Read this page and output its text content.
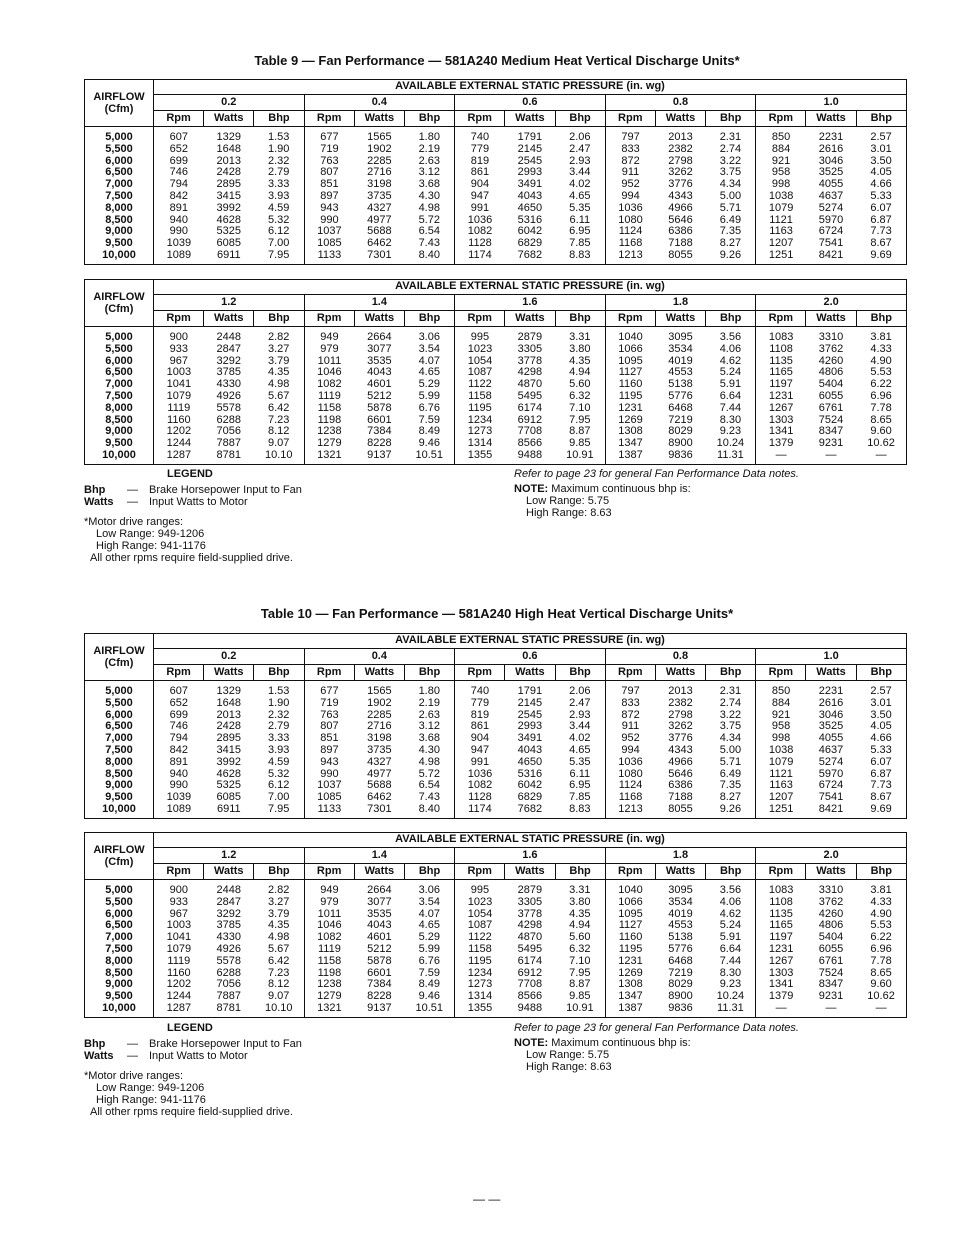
Table 9 — Fan Performance — 581A240 Medium Heat Vertical Discharge Units*
AIRFLOW
(Cfm)	AVAILABLE EXTERNAL STATIC PRESSURE (in. wg)														
	0.2			0.4			0.6			0.8			1.0		
	Rpm	Watts	Bhp	Rpm	Watts	Bhp	Rpm	Watts	Bhp	Rpm	Watts	Bhp	Rpm	Watts	Bhp
5,000	607	1329	1.53	677	1565	1.80	740	1791	2.06	797	2013	2.31	850	2231	2.57
5,500	652	1648	1.90	719	1902	2.19	779	2145	2.47	833	2382	2.74	884	2616	3.01
6,000	699	2013	2.32	763	2285	2.63	819	2545	2.93	872	2798	3.22	921	3046	3.50
6,500	746	2428	2.79	807	2716	3.12	861	2993	3.44	911	3262	3.75	958	3525	4.05
7,000	794	2895	3.33	851	3198	3.68	904	3491	4.02	952	3776	4.34	998	4055	4.66
7,500	842	3415	3.93	897	3735	4.30	947	4043	4.65	994	4343	5.00	1038	4637	5.33
8,000	891	3992	4.59	943	4327	4.98	991	4650	5.35	1036	4966	5.71	1079	5274	6.07
8,500	940	4628	5.32	990	4977	5.72	1036	5316	6.11	1080	5646	6.49	1121	5970	6.87
9,000	990	5325	6.12	1037	5688	6.54	1082	6042	6.95	1124	6386	7.35	1163	6724	7.73
9,500	1039	6085	7.00	1085	6462	7.43	1128	6829	7.85	1168	7188	8.27	1207	7541	8.67
10,000	1089	6911	7.95	1133	7301	8.40	1174	7682	8.83	1213	8055	9.26	1251	8421	9.69
AIRFLOW
(Cfm)	AVAILABLE EXTERNAL STATIC PRESSURE (in. wg)														
	1.2			1.4			1.6			1.8			2.0		
	Rpm	Watts	Bhp	Rpm	Watts	Bhp	Rpm	Watts	Bhp	Rpm	Watts	Bhp	Rpm	Watts	Bhp
5,000	900	2448	2.82	949	2664	3.06	995	2879	3.31	1040	3095	3.56	1083	3310	3.81
5,500	933	2847	3.27	979	3077	3.54	1023	3305	3.80	1066	3534	4.06	1108	3762	4.33
6,000	967	3292	3.79	1011	3535	4.07	1054	3778	4.35	1095	4019	4.62	1135	4260	4.90
6,500	1003	3785	4.35	1046	4043	4.65	1087	4298	4.94	1127	4553	5.24	1165	4806	5.53
7,000	1041	4330	4.98	1082	4601	5.29	1122	4870	5.60	1160	5138	5.91	1197	5404	6.22
7,500	1079	4926	5.67	1119	5212	5.99	1158	5495	6.32	1195	5776	6.64	1231	6055	6.96
8,000	1119	5578	6.42	1158	5878	6.76	1195	6174	7.10	1231	6468	7.44	1267	6761	7.78
8,500	1160	6288	7.23	1198	6601	7.59	1234	6912	7.95	1269	7219	8.30	1303	7524	8.65
9,000	1202	7056	8.12	1238	7384	8.49	1273	7708	8.87	1308	8029	9.23	1341	8347	9.60
9,500	1244	7887	9.07	1279	8228	9.46	1314	8566	9.85	1347	8900	10.24	1379	9231	10.62
10,000	1287	8781	10.10	1321	9137	10.51	1355	9488	10.91	1387	9836	11.31	—	—	—
LEGEND
Bhp — Brake Horsepower Input to Fan
Watts — Input Watts to Motor
*Motor drive ranges:
Low Range: 949-1206
High Range: 941-1176
All other rpms require field-supplied drive.
Refer to page 23 for general Fan Performance Data notes.
NOTE: Maximum continuous bhp is:
Low Range: 5.75
High Range: 8.63
Table 10 — Fan Performance — 581A240 High Heat Vertical Discharge Units*
AIRFLOW
(Cfm)	AVAILABLE EXTERNAL STATIC PRESSURE (in. wg)														
	0.2			0.4			0.6			0.8			1.0		
	Rpm	Watts	Bhp	Rpm	Watts	Bhp	Rpm	Watts	Bhp	Rpm	Watts	Bhp	Rpm	Watts	Bhp
5,000	607	1329	1.53	677	1565	1.80	740	1791	2.06	797	2013	2.31	850	2231	2.57
5,500	652	1648	1.90	719	1902	2.19	779	2145	2.47	833	2382	2.74	884	2616	3.01
6,000	699	2013	2.32	763	2285	2.63	819	2545	2.93	872	2798	3.22	921	3046	3.50
6,500	746	2428	2.79	807	2716	3.12	861	2993	3.44	911	3262	3.75	958	3525	4.05
7,000	794	2895	3.33	851	3198	3.68	904	3491	4.02	952	3776	4.34	998	4055	4.66
7,500	842	3415	3.93	897	3735	4.30	947	4043	4.65	994	4343	5.00	1038	4637	5.33
8,000	891	3992	4.59	943	4327	4.98	991	4650	5.35	1036	4966	5.71	1079	5274	6.07
8,500	940	4628	5.32	990	4977	5.72	1036	5316	6.11	1080	5646	6.49	1121	5970	6.87
9,000	990	5325	6.12	1037	5688	6.54	1082	6042	6.95	1124	6386	7.35	1163	6724	7.73
9,500	1039	6085	7.00	1085	6462	7.43	1128	6829	7.85	1168	7188	8.27	1207	7541	8.67
10,000	1089	6911	7.95	1133	7301	8.40	1174	7682	8.83	1213	8055	9.26	1251	8421	9.69
AIRFLOW
(Cfm)	AVAILABLE EXTERNAL STATIC PRESSURE (in. wg)														
	1.2			1.4			1.6			1.8			2.0		
	Rpm	Watts	Bhp	Rpm	Watts	Bhp	Rpm	Watts	Bhp	Rpm	Watts	Bhp	Rpm	Watts	Bhp
5,000	900	2448	2.82	949	2664	3.06	995	2879	3.31	1040	3095	3.56	1083	3310	3.81
5,500	933	2847	3.27	979	3077	3.54	1023	3305	3.80	1066	3534	4.06	1108	3762	4.33
6,000	967	3292	3.79	1011	3535	4.07	1054	3778	4.35	1095	4019	4.62	1135	4260	4.90
6,500	1003	3785	4.35	1046	4043	4.65	1087	4298	4.94	1127	4553	5.24	1165	4806	5.53
7,000	1041	4330	4.98	1082	4601	5.29	1122	4870	5.60	1160	5138	5.91	1197	5404	6.22
7,500	1079	4926	5.67	1119	5212	5.99	1158	5495	6.32	1195	5776	6.64	1231	6055	6.96
8,000	1119	5578	6.42	1158	5878	6.76	1195	6174	7.10	1231	6468	7.44	1267	6761	7.78
8,500	1160	6288	7.23	1198	6601	7.59	1234	6912	7.95	1269	7219	8.30	1303	7524	8.65
9,000	1202	7056	8.12	1238	7384	8.49	1273	7708	8.87	1308	8029	9.23	1341	8347	9.60
9,500	1244	7887	9.07	1279	8228	9.46	1314	8566	9.85	1347	8900	10.24	1379	9231	10.62
10,000	1287	8781	10.10	1321	9137	10.51	1355	9488	10.91	1387	9836	11.31	—	—	—
LEGEND
Bhp — Brake Horsepower Input to Fan
Watts — Input Watts to Motor
*Motor drive ranges:
Low Range: 949-1206
High Range: 941-1176
All other rpms require field-supplied drive.
Refer to page 23 for general Fan Performance Data notes.
NOTE: Maximum continuous bhp is:
Low Range: 5.75
High Range: 8.63
— —
